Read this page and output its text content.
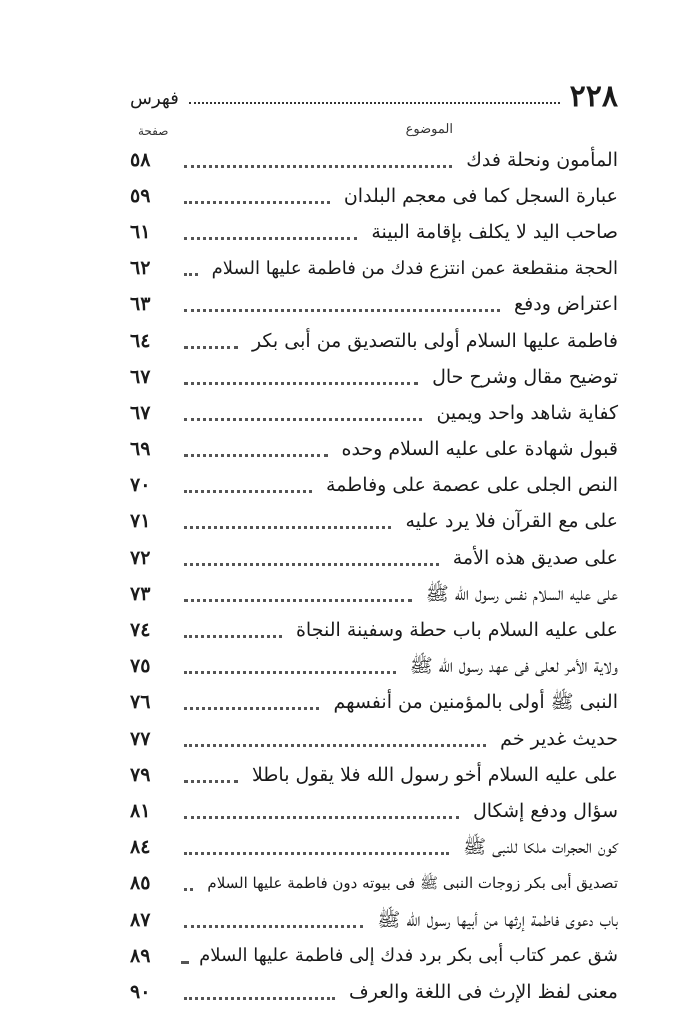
٢٢٨
فهرس
الموضوع
صفحة
المأمون ونحلة فدك
٥٨
عبارة السجل كما فى معجم البلدان
٥٩
صاحب اليد لا يكلف بإقامة البينة
٦١
الحجة منقطعة عمن انتزع فدك من فاطمة عليها السلام
٦٢
اعتراض ودفع
٦٣
فاطمة عليها السلام أولى بالتصديق من أبى بكر
٦٤
توضيح مقال وشرح حال
٦٧
كفاية شاهد واحد ويمين
٦٧
قبول شهادة على عليه السلام وحده
٦٩
النص الجلى على عصمة على وفاطمة
٧٠
على مع القرآن فلا يرد عليه
٧١
على صديق هذه الأمة
٧٢
على عليه السلام نفس رسول الله ﷺ
٧٣
على عليه السلام باب حطة وسفينة النجاة
٧٤
ولاية الأمر لعلى فى عهد رسول الله ﷺ
٧٥
النبى ﷺ أولى بالمؤمنين من أنفسهم
٧٦
حديث غدير خم
٧٧
على عليه السلام أخو رسول الله فلا يقول باطلا
٧٩
سؤال ودفع إشكال
٨١
كون الحجرات ملكا للنبى ﷺ
٨٤
تصديق أبى بكر زوجات النبى ﷺ فى بيوته دون فاطمة عليها السلام
٨٥
باب دعوى فاطمة إرثها من أبيها رسول الله ﷺ
٨٧
شق عمر كتاب أبى بكر برد فدك إلى فاطمة عليها السلام
٨٩
معنى لفظ الإرث فى اللغة والعرف
٩٠
